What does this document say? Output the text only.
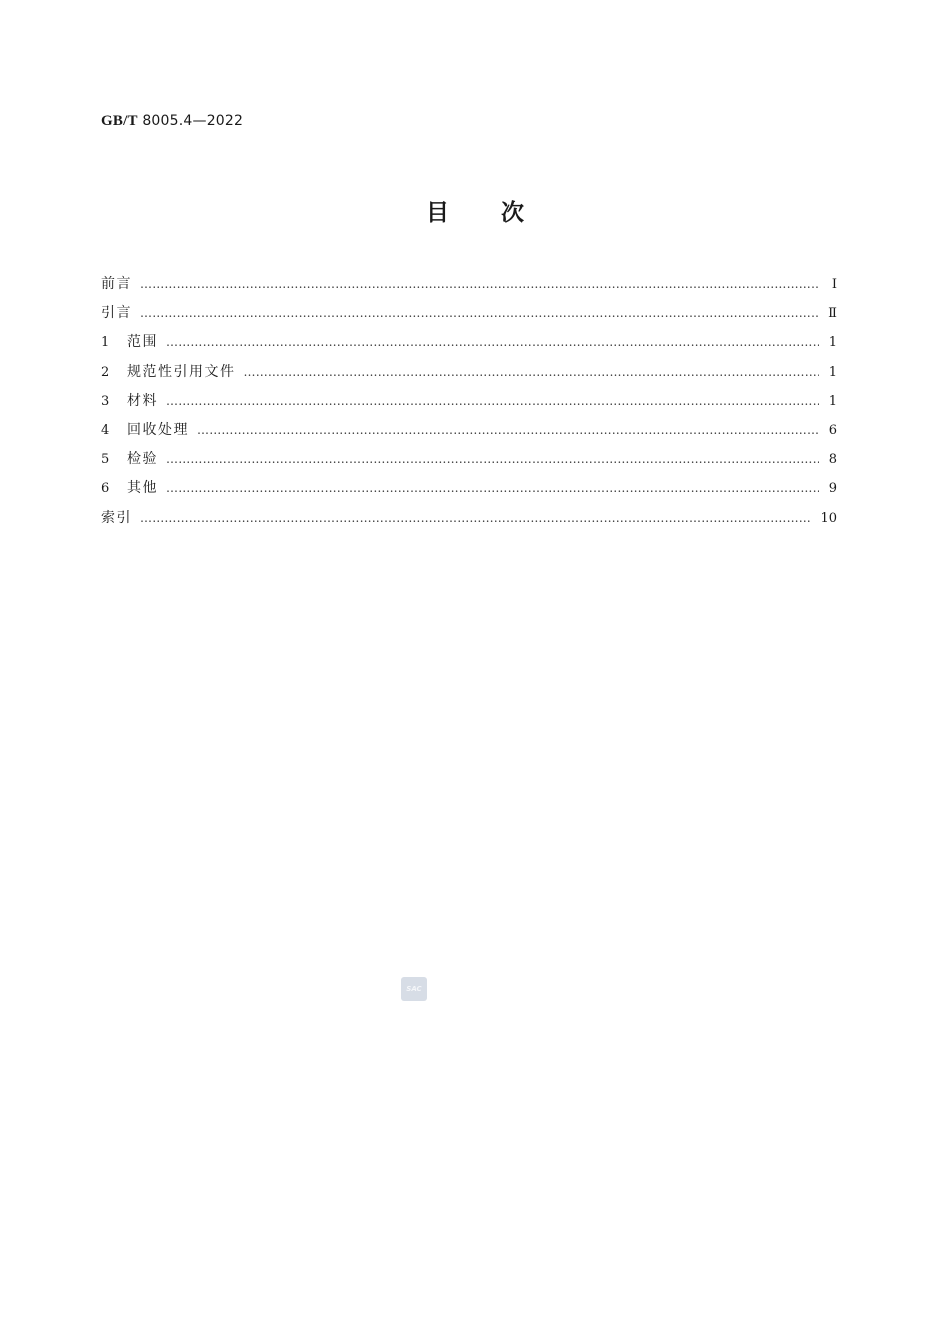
GB/T 8005.4—2022
目 次
前言 ……………………………………………………………………………………………………………………………………………………………………………………………………………………………………	Ⅰ
引言 ……………………………………………………………………………………………………………………………………………………………………………………………………………………………………	Ⅱ
1 范围 ……………………………………………………………………………………………………………………………………………………………………………………………………………………………………	1
2 规范性引用文件 ……………………………………………………………………………………………………………………………………………………………………………………………………………………………………	1
3 材料 ……………………………………………………………………………………………………………………………………………………………………………………………………………………………………	1
4 回收处理 ……………………………………………………………………………………………………………………………………………………………………………………………………………………………………	6
5 检验 ……………………………………………………………………………………………………………………………………………………………………………………………………………………………………	8
6 其他 ……………………………………………………………………………………………………………………………………………………………………………………………………………………………………	9
索引 ……………………………………………………………………………………………………………………………………………………………………………………………………………………………………	10
SAC
